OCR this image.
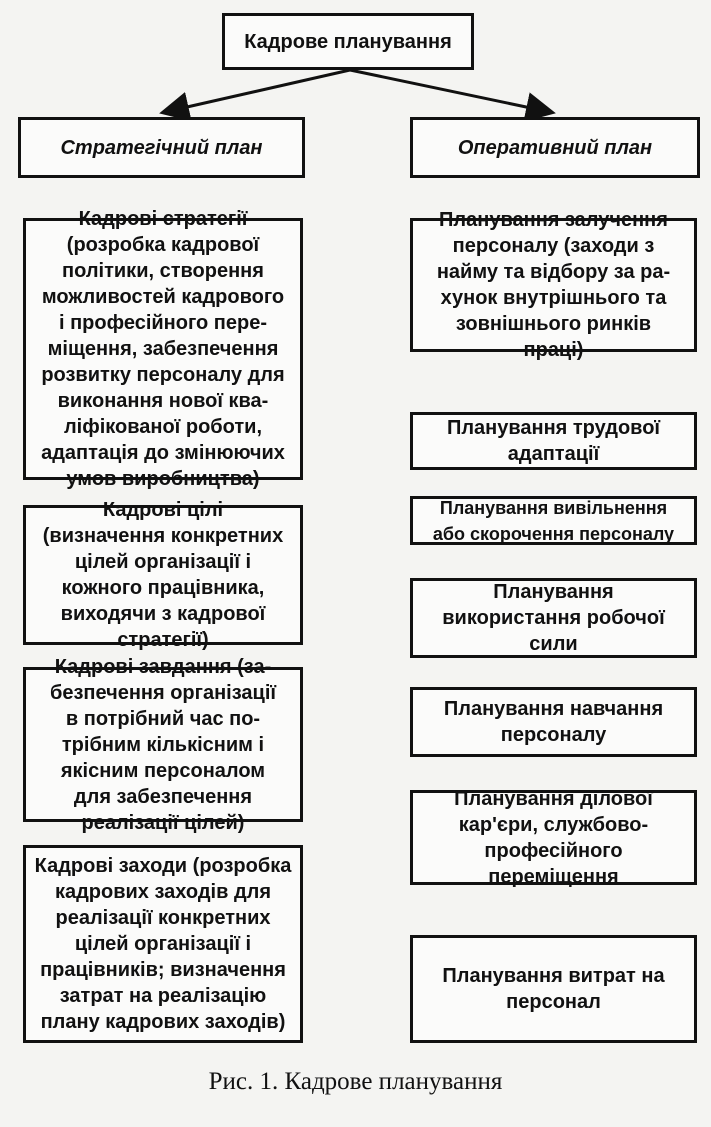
Кадрове планування
Стратегічний план	Оперативний план
Кадрові стратегії
(розробка кадрової
політики, створення
можливостей кадрового
і професійного пере-
міщення, забезпечення
розвитку персоналу для
виконання нової ква-
ліфікованої роботи,
адаптація до змінюючих
умов виробництва)
Кадрові цілі
(визначення конкретних
цілей організації і
кожного працівника,
виходячи з кадрової
стратегії)
Кадрові завдання (за-
безпечення організації
в потрібний час по-
трібним кількісним і
якісним персоналом
для забезпечення
реалізації цілей)
Кадрові заходи (розробка
кадрових заходів для
реалізації конкретних
цілей організації і
працівників; визначення
затрат на реалізацію
плану кадрових заходів)
Планування залучення
персоналу (заходи з
найму та відбору за ра-
хунок внутрішнього та
зовнішнього ринків
праці)
Планування трудової
адаптації
Планування вивільнення
або скорочення персоналу
Планування
використання робочої
сили
Планування навчання
персоналу
Планування ділової
кар'єри, службово-
професійного
переміщення
Планування витрат на
персонал
Рис. 1. Кадрове планування
